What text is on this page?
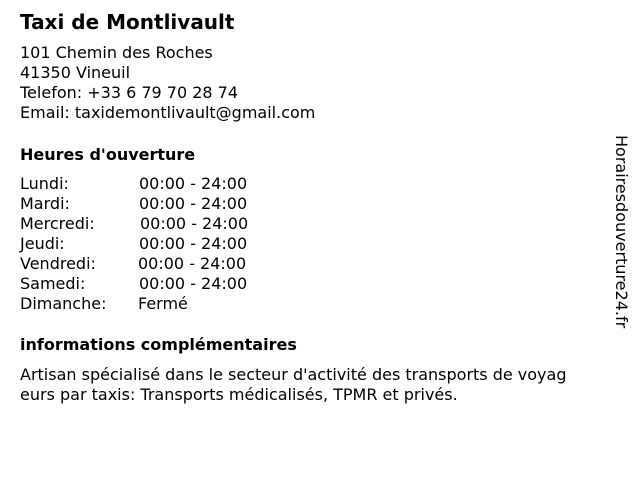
Taxi de Montlivault
101 Chemin des Roches
41350 Vineuil
Telefon: +33 6 79 70 28 74
Email: taxidemontlivault@gmail.com
Heures d'ouverture
Lundi:	00:00 - 24:00
Mardi:	00:00 - 24:00
Mercredi:	00:00 - 24:00
Jeudi:	00:00 - 24:00
Vendredi:	00:00 - 24:00
Samedi:	00:00 - 24:00
Dimanche: Fermé
informations complémentaires
Artisan spécialisé dans le secteur d'activité des transports de voyageurs par taxis: Transports médicalisés, TPMR et privés.
Horairesdouverture24.fr
